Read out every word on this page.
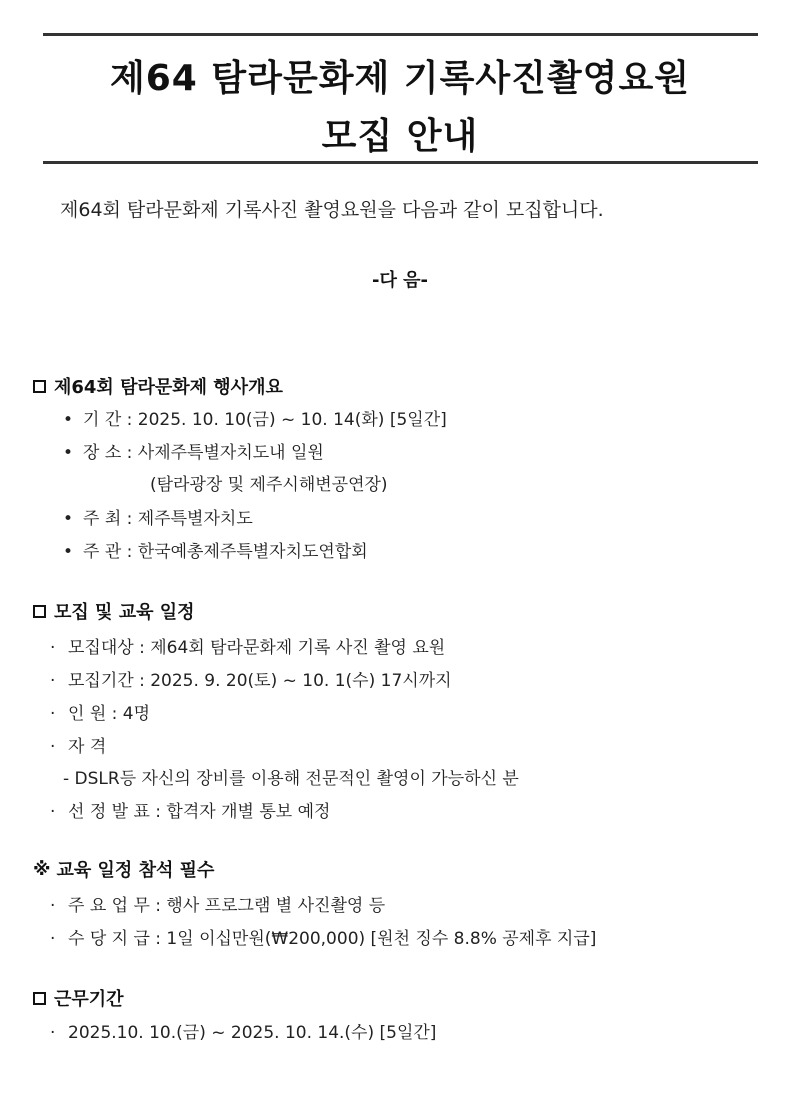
제64 탐라문화제 기록사진촬영요원
모집 안내
제64회 탐라문화제 기록사진 촬영요원을 다음과 같이 모집합니다.
-다 음-
제64회 탐라문화제 행사개요
• 기 간 : 2025. 10. 10(금) ~ 10. 14(화) [5일간]
• 장 소 : 사제주특별자치도내 일원
(탐라광장 및 제주시해변공연장)
• 주 최 : 제주특별자치도
• 주 관 : 한국예총제주특별자치도연합회
모집 및 교육 일정
· 모집대상 : 제64회 탐라문화제 기록 사진 촬영 요원
· 모집기간 : 2025. 9. 20(토) ~ 10. 1(수) 17시까지
· 인 원 : 4명
· 자 격
- DSLR등 자신의 장비를 이용해 전문적인 촬영이 가능하신 분
· 선 정 발 표 : 합격자 개별 통보 예정
※ 교육 일정 참석 필수
· 주 요 업 무 : 행사 프로그램 별 사진촬영 등
· 수 당 지 급 : 1일 이십만원(₩200,000) [원천 징수 8.8% 공제후 지급]
근무기간
· 2025.10. 10.(금) ~ 2025. 10. 14.(수) [5일간]
